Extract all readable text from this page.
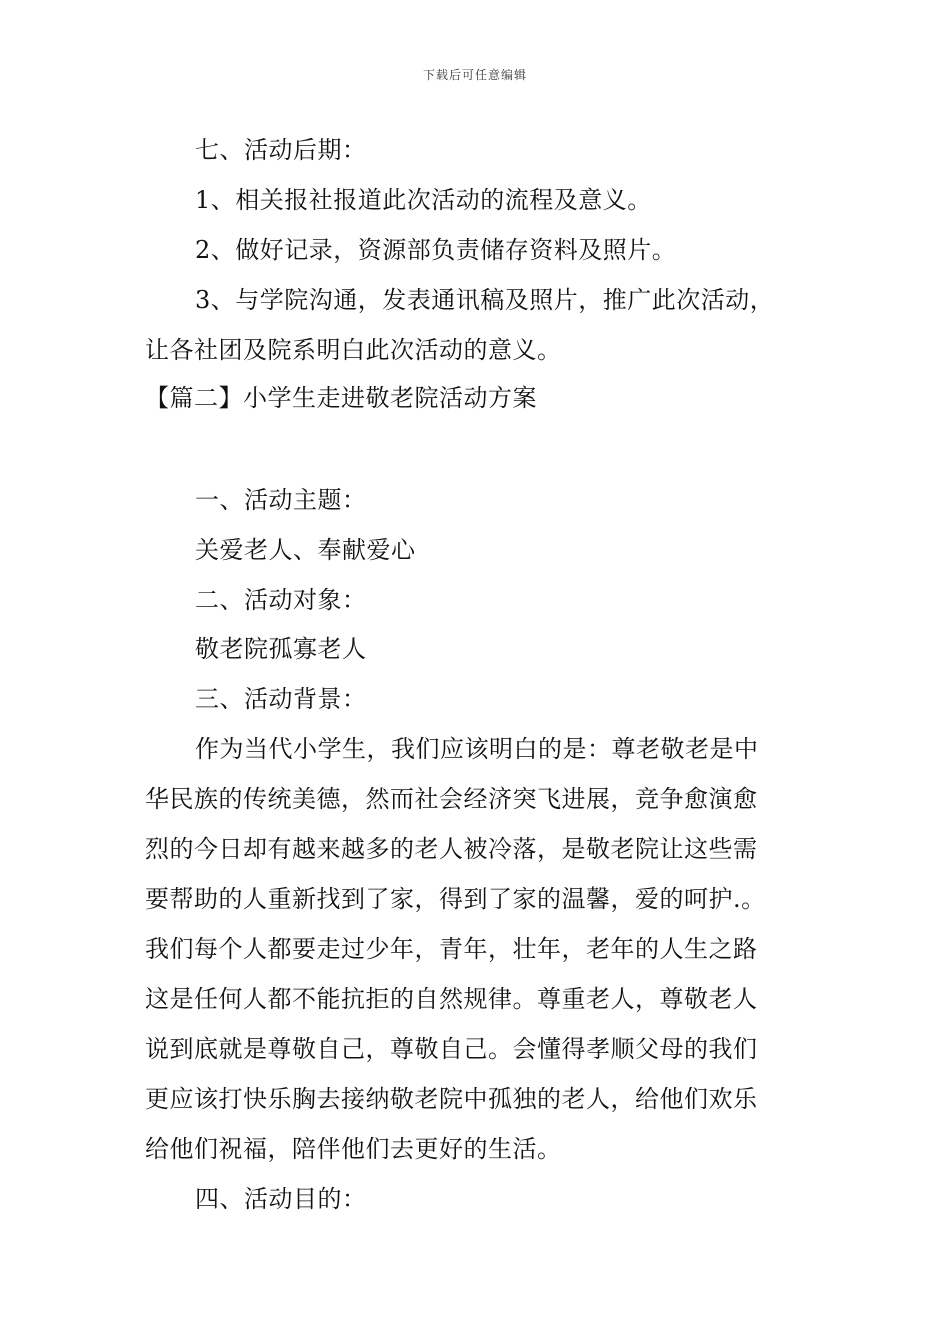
下载后可任意编辑
七、活动后期：
1、相关报社报道此次活动的流程及意义。
2、做好记录，资源部负责储存资料及照片。
3、与学院沟通，发表通讯稿及照片，推广此次活动，
让各社团及院系明白此次活动的意义。
【篇二】小学生走进敬老院活动方案
一、活动主题：
关爱老人、奉献爱心
二、活动对象：
敬老院孤寡老人
三、活动背景：
作为当代小学生，我们应该明白的是：尊老敬老是中
华民族的传统美德，然而社会经济突飞进展，竞争愈演愈
烈的今日却有越来越多的老人被冷落，是敬老院让这些需
要帮助的人重新找到了家，得到了家的温馨，爱的呵护.。
我们每个人都要走过少年，青年，壮年，老年的人生之路
这是任何人都不能抗拒的自然规律。尊重老人，尊敬老人
说到底就是尊敬自己，尊敬自己。会懂得孝顺父母的我们
更应该打快乐胸去接纳敬老院中孤独的老人，给他们欢乐
给他们祝福，陪伴他们去更好的生活。
四、活动目的：
